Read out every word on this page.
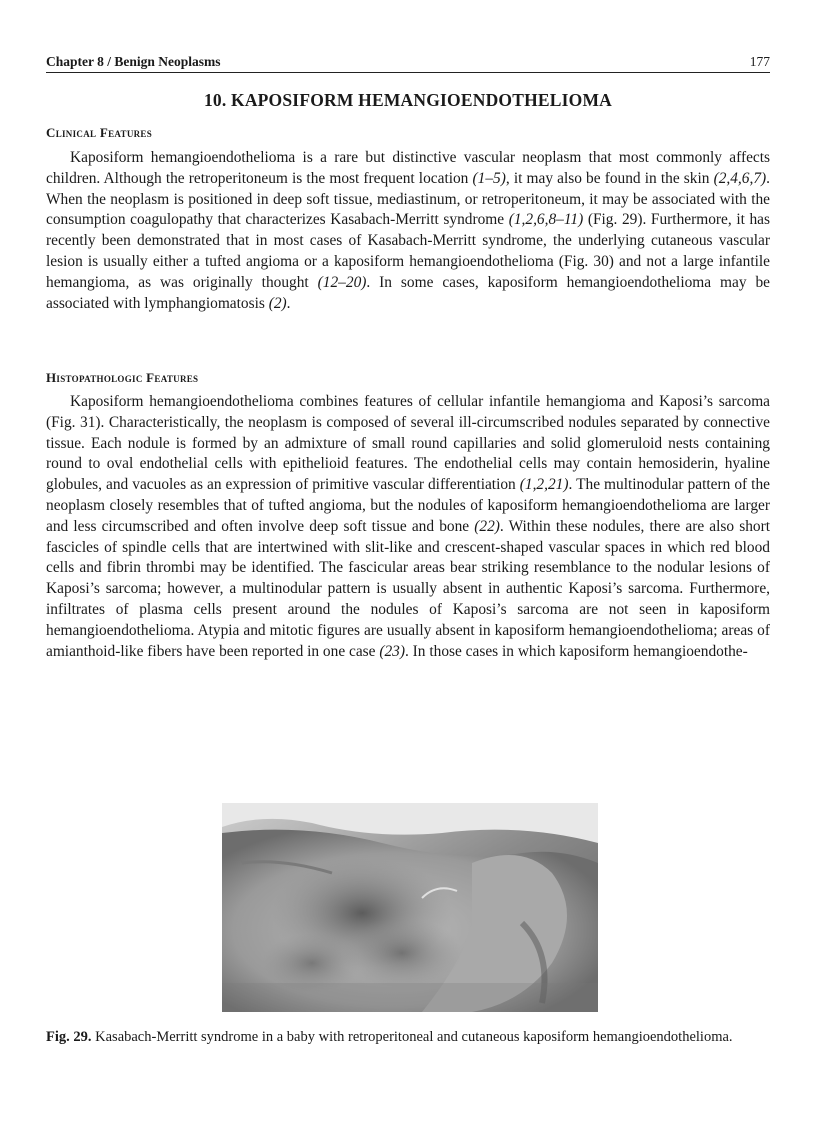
Chapter 8 / Benign Neoplasms	177
10. KAPOSIFORM HEMANGIOENDOTHELIOMA
Clinical Features

Kaposiform hemangioendothelioma is a rare but distinctive vascular neoplasm that most commonly affects children. Although the retroperitoneum is the most frequent location (1–5), it may also be found in the skin (2,4,6,7). When the neoplasm is positioned in deep soft tissue, mediastinum, or retroperitoneum, it may be associated with the consumption coagulopathy that characterizes Kasabach-Merritt syndrome (1,2,6,8–11) (Fig. 29). Furthermore, it has recently been demonstrated that in most cases of Kasabach-Merritt syndrome, the underlying cutaneous vascular lesion is usually either a tufted angioma or a kaposiform hemangioendothelioma (Fig. 30) and not a large infantile hemangioma, as was originally thought (12–20). In some cases, kaposiform hemangioendothelioma may be associated with lymphangiomatosis (2).

Histopathologic Features

Kaposiform hemangioendothelioma combines features of cellular infantile hemangioma and Kaposi’s sarcoma (Fig. 31). Characteristically, the neoplasm is composed of several ill-circumscribed nodules separated by connective tissue. Each nodule is formed by an admixture of small round capillaries and solid glomeruloid nests containing round to oval endothelial cells with epithelioid features. The endothelial cells may contain hemosiderin, hyaline globules, and vacuoles as an expression of primitive vascular differentiation (1,2,21). The multinodular pattern of the neoplasm closely resembles that of tufted angioma, but the nodules of kaposiform hemangioendothelioma are larger and less circumscribed and often involve deep soft tissue and bone (22). Within these nodules, there are also short fascicles of spindle cells that are intertwined with slit-like and crescent-shaped vascular spaces in which red blood cells and fibrin thrombi may be identified. The fascicular areas bear striking resemblance to the nodular lesions of Kaposi’s sarcoma; however, a multinodular pattern is usually absent in authentic Kaposi’s sarcoma. Furthermore, infiltrates of plasma cells present around the nodules of Kaposi’s sarcoma are not seen in kaposiform hemangioendothelioma. Atypia and mitotic figures are usually absent in kaposiform hemangioendothelioma; areas of amianthoid-like fibers have been reported in one case (23). In those cases in which kaposiform hemangioendothe-

Fig. 29. Kasabach-Merritt syndrome in a baby with retroperitoneal and cutaneous kaposiform hemangioendothelioma.
